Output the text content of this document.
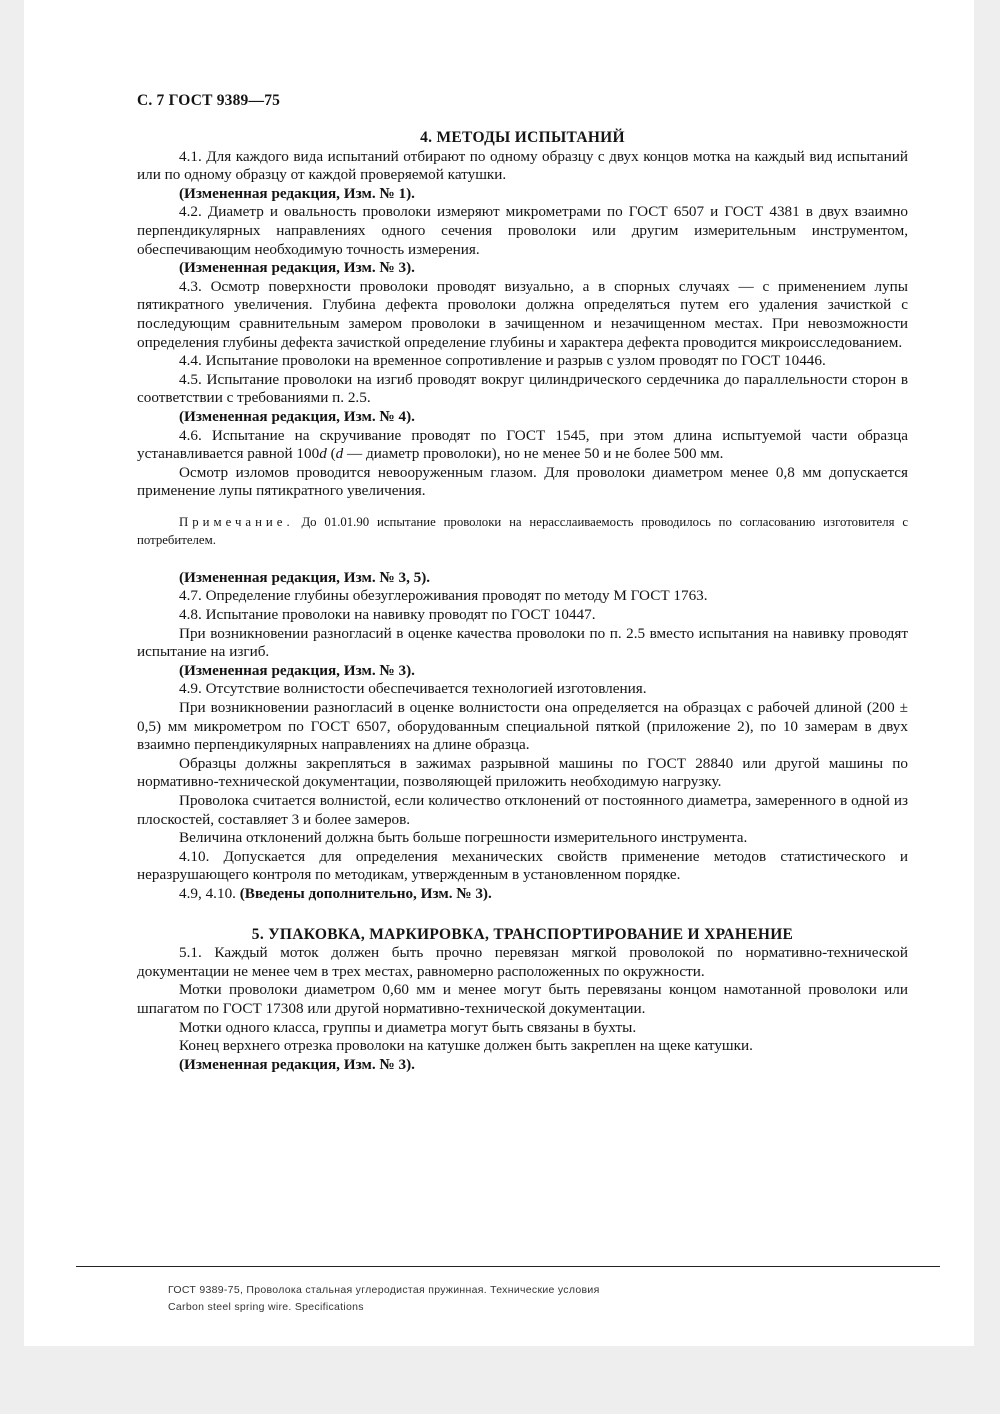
С. 7 ГОСТ 9389—75

4. МЕТОДЫ ИСПЫТАНИЙ

4.1. Для каждого вида испытаний отбирают по одному образцу с двух концов мотка на каждый вид испытаний или по одному образцу от каждой проверяемой катушки.

(Измененная редакция, Изм. № 1).

4.2. Диаметр и овальность проволоки измеряют микрометрами по ГОСТ 6507 и ГОСТ 4381 в двух взаимно перпендикулярных направлениях одного сечения проволоки или другим измерительным инструментом, обеспечивающим необходимую точность измерения.

(Измененная редакция, Изм. № 3).

4.3. Осмотр поверхности проволоки проводят визуально, а в спорных случаях — с применением лупы пятикратного увеличения. Глубина дефекта проволоки должна определяться путем его удаления зачисткой с последующим сравнительным замером проволоки в зачищенном и незачищенном местах. При невозможности определения глубины дефекта зачисткой определение глубины и характера дефекта проводится микроисследованием.

4.4. Испытание проволоки на временное сопротивление и разрыв с узлом проводят по ГОСТ 10446.

4.5. Испытание проволоки на изгиб проводят вокруг цилиндрического сердечника до параллельности сторон в соответствии с требованиями п. 2.5.

(Измененная редакция, Изм. № 4).

4.6. Испытание на скручивание проводят по ГОСТ 1545, при этом длина испытуемой части образца устанавливается равной 100d (d — диаметр проволоки), но не менее 50 и не более 500 мм.

Осмотр изломов проводится невооруженным глазом. Для проволоки диаметром менее 0,8 мм допускается применение лупы пятикратного увеличения.

Примечание. До 01.01.90 испытание проволоки на нерасслаиваемость проводилось по согласованию изготовителя с потребителем.

(Измененная редакция, Изм. № 3, 5).

4.7. Определение глубины обезуглероживания проводят по методу М ГОСТ 1763.

4.8. Испытание проволоки на навивку проводят по ГОСТ 10447.

При возникновении разногласий в оценке качества проволоки по п. 2.5 вместо испытания на навивку проводят испытание на изгиб.

(Измененная редакция, Изм. № 3).

4.9. Отсутствие волнистости обеспечивается технологией изготовления.

При возникновении разногласий в оценке волнистости она определяется на образцах с рабочей длиной (200 ± 0,5) мм микрометром по ГОСТ 6507, оборудованным специальной пяткой (приложение 2), по 10 замерам в двух взаимно перпендикулярных направлениях на длине образца.

Образцы должны закрепляться в зажимах разрывной машины по ГОСТ 28840 или другой машины по нормативно-технической документации, позволяющей приложить необходимую нагрузку.

Проволока считается волнистой, если количество отклонений от постоянного диаметра, замеренного в одной из плоскостей, составляет 3 и более замеров.

Величина отклонений должна быть больше погрешности измерительного инструмента.

4.10. Допускается для определения механических свойств применение методов статистического и неразрушающего контроля по методикам, утвержденным в установленном порядке.

4.9, 4.10. (Введены дополнительно, Изм. № 3).

5. УПАКОВКА, МАРКИРОВКА, ТРАНСПОРТИРОВАНИЕ И ХРАНЕНИЕ

5.1. Каждый моток должен быть прочно перевязан мягкой проволокой по нормативно-технической документации не менее чем в трех местах, равномерно расположенных по окружности.

Мотки проволоки диаметром 0,60 мм и менее могут быть перевязаны концом намотанной проволоки или шпагатом по ГОСТ 17308 или другой нормативно-технической документации.

Мотки одного класса, группы и диаметра могут быть связаны в бухты.

Конец верхнего отрезка проволоки на катушке должен быть закреплен на щеке катушки.

(Измененная редакция, Изм. № 3).

ГОСТ 9389-75, Проволока стальная углеродистая пружинная. Технические условия
Carbon steel spring wire. Specifications
